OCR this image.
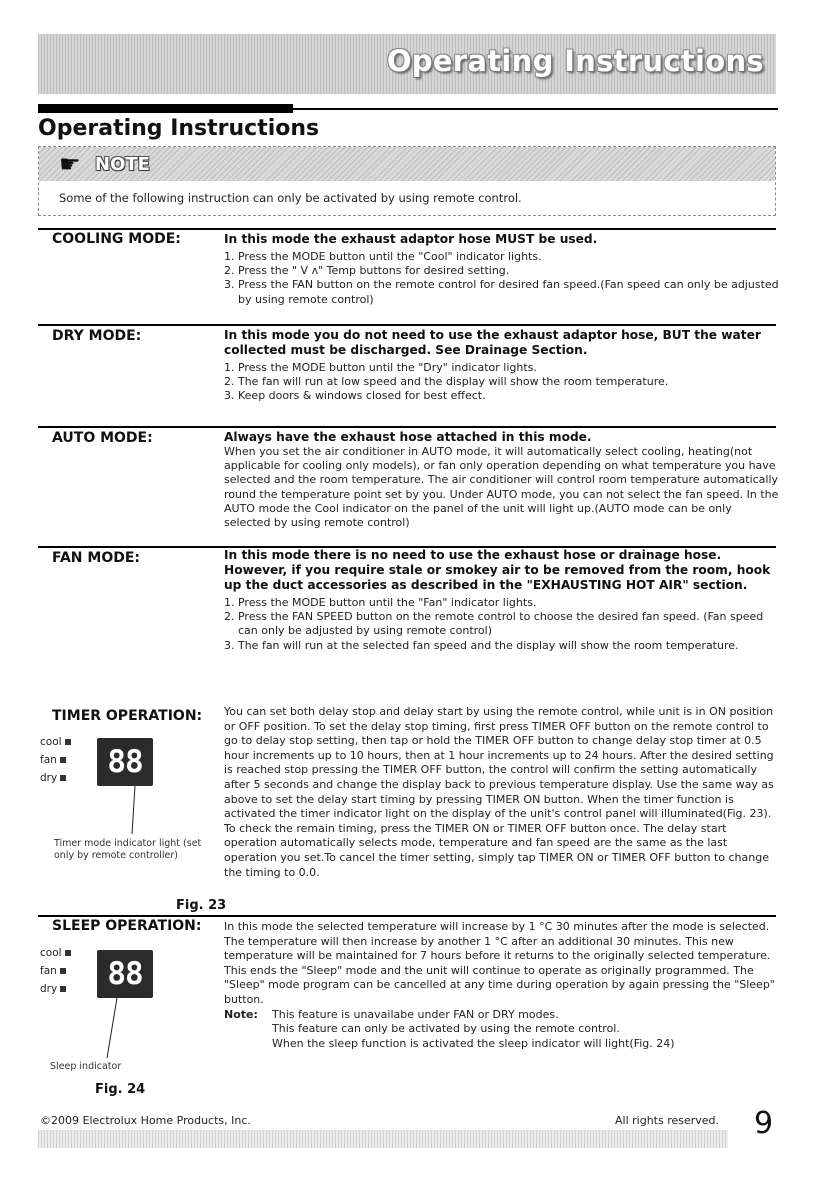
Operating Instructions
Operating Instructions
☛ NOTE
Some of the following instruction can only be activated by using remote control.
COOLING MODE:	In this mode the exhaust adaptor hose MUST be used.

1. Press the MODE button until the "Cool" indicator lights.
2. Press the " V ʌ" Temp buttons for desired setting.
3. Press the FAN button on the remote control for desired fan speed.(Fan speed can only be adjusted by using remote control)
DRY MODE:	In this mode you do not need to use the exhaust adaptor hose, BUT the water collected must be discharged. See Drainage Section.

1. Press the MODE button until the "Dry" indicator lights.
2. The fan will run at low speed and the display will show the room temperature.
3. Keep doors & windows closed for best effect.
AUTO MODE:	Always have the exhaust hose attached in this mode.

When you set the air conditioner in AUTO mode, it will automatically select cooling, heating(not applicable for cooling only models), or fan only operation depending on what temperature you have selected and the room temperature. The air conditioner will control room temperature automatically round the temperature point set by you. Under AUTO mode, you can not select the fan speed. In the AUTO mode the Cool indicator on the panel of the unit will light up.(AUTO mode can be only selected by using remote control)

FAN MODE:	In this mode there is no need to use the exhaust hose or drainage hose. However, if you require stale or smokey air to be removed from the room, hook up the duct accessories as described in the "EXHAUSTING HOT AIR" section.

1. Press the MODE button until the "Fan" indicator lights.
2. Press the FAN SPEED button on the remote control to choose the desired fan speed. (Fan speed can only be adjusted by using remote control)
3. The fan will run at the selected fan speed and the display will show the room temperature.
TIMER OPERATION: You can set both delay stop and delay start by using the remote control, while unit is in ON position or OFF position. To set the delay stop timing, first press TIMER OFF button on the remote control to go to delay stop setting, then tap or hold the TIMER OFF button to change delay stop timer at 0.5 hour increments up to 10 hours, then at 1 hour increments up to 24 hours. After the desired setting is reached stop pressing the TIMER OFF button, the control will confirm the setting automatically after 5 seconds and change the display back to previous temperature display. Use the same way as above to set the delay start timing by pressing TIMER ON button. When the timer function is activated the timer indicator light on the display of the unit's control panel will illuminated(Fig. 23). To check the remain timing, press the TIMER ON or TIMER OFF button once. The delay start operation automatically selects mode, temperature and fan speed are the same as the last operation you set.To cancel the timer setting, simply tap TIMER ON or TIMER OFF button to change the timing to 0.0.

cool
fan
dry	88
Timer mode indicator light (set only by remote controller)
Fig. 23
SLEEP OPERATION: In this mode the selected temperature will increase by 1 °C 30 minutes after the mode is selected. The temperature will then increase by another 1 °C after an additional 30 minutes. This new temperature will be maintained for 7 hours before it returns to the originally selected temperature. This ends the "Sleep" mode and the unit will continue to operate as originally programmed. The "Sleep" mode program can be cancelled at any time during operation by again pressing the "Sleep" button.

Note:	This feature is unavailabe under FAN or DRY modes.

This feature can only be activated by using the remote control.

When the sleep function is activated the sleep indicator will light(Fig. 24)

cool
fan
dry	88
Sleep indicator
Fig. 24
©2009 Electrolux Home Products, Inc.	All rights reserved. 9
